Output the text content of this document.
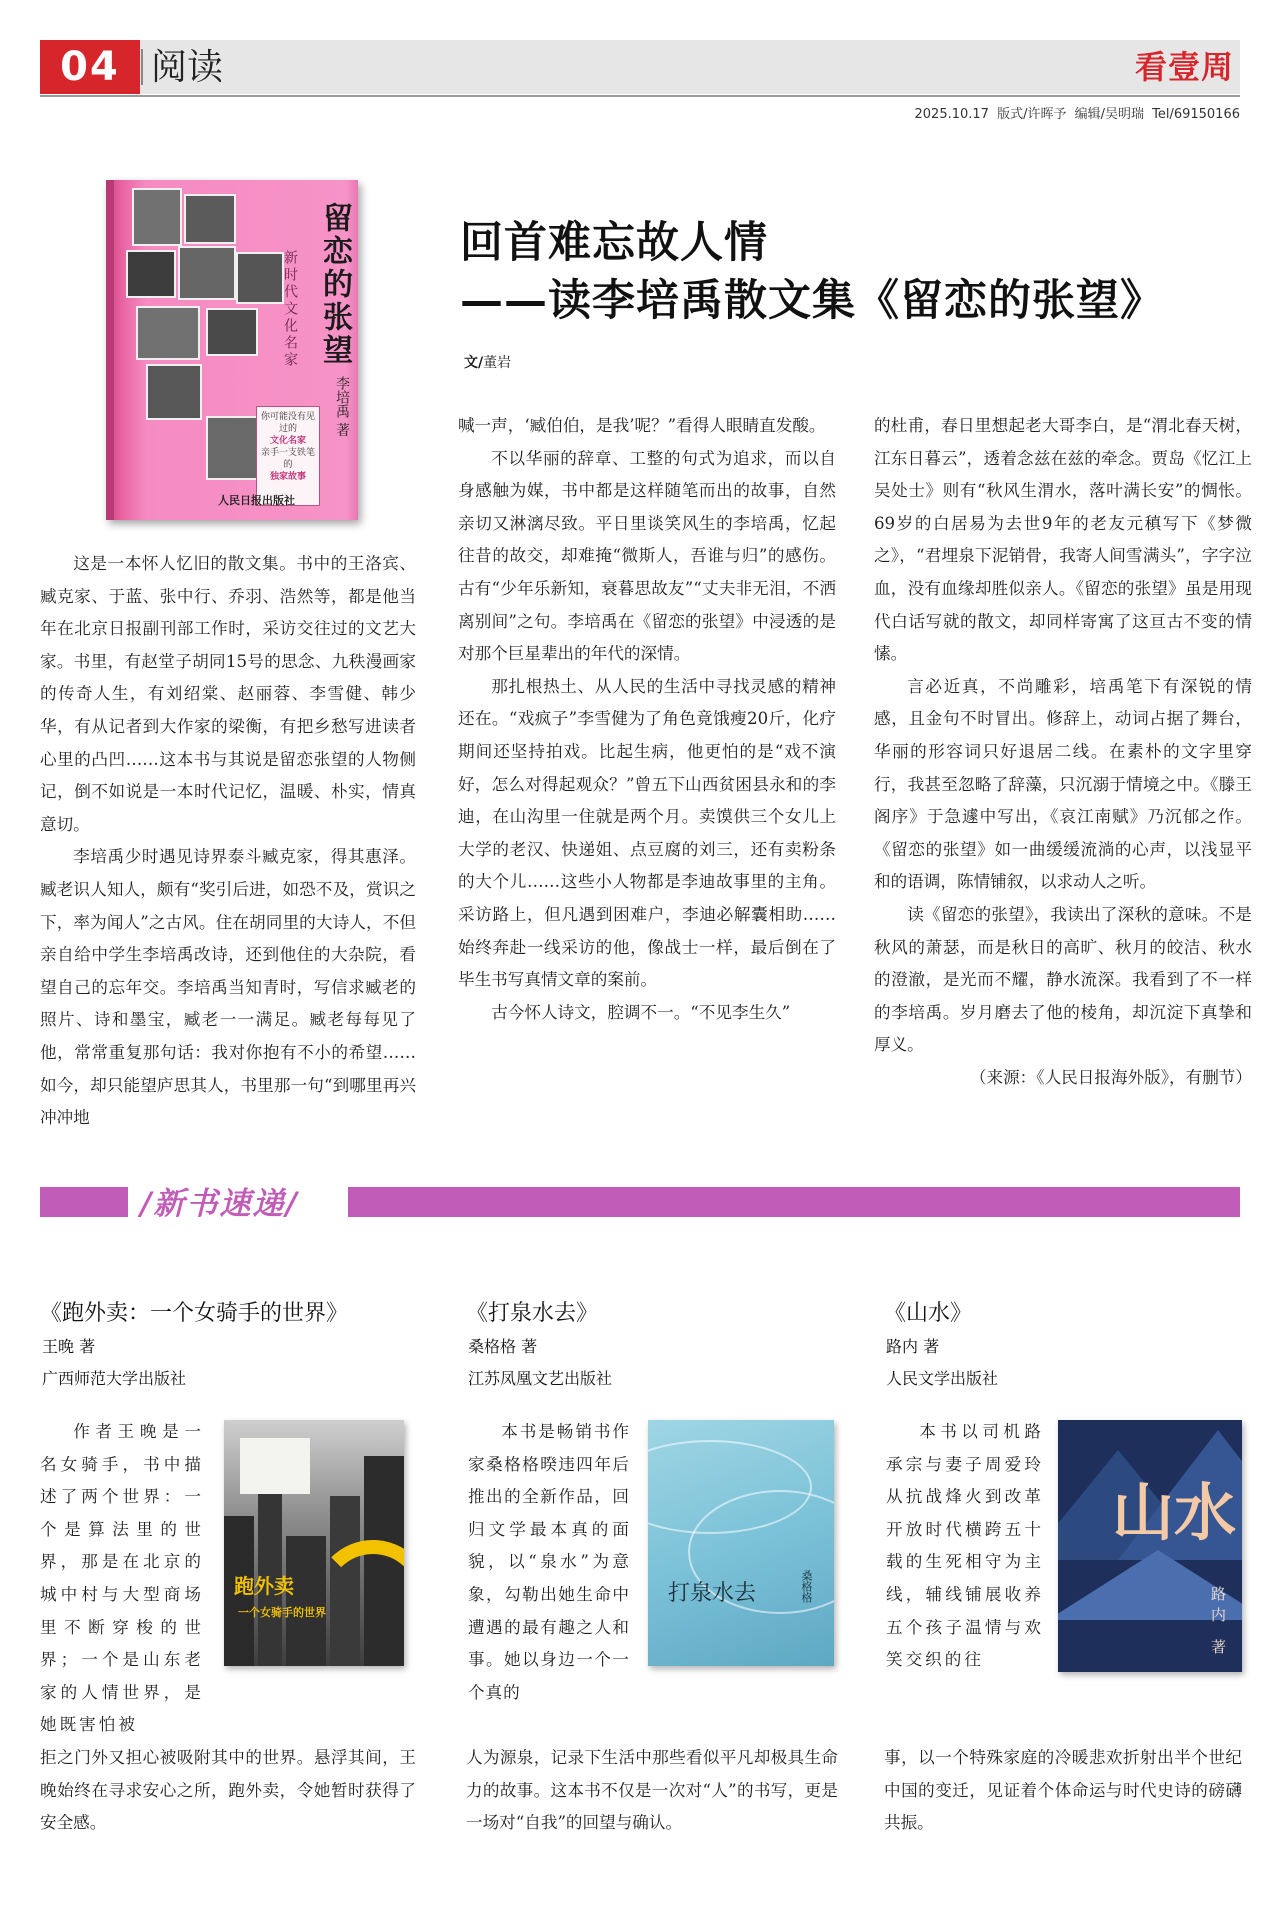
04 阅读	看壹周
2025.10.17 版式/许晖予 编辑/吴明瑞 Tel/69150166
留恋的张望
新时代文化名家
李培禹 著
你可能没有见过的
文化名家
亲手一支铁笔的
独家故事
人民日报出版社
回首难忘故人情
——读李培禹散文集《留恋的张望》
文/董岩

这是一本怀人忆旧的散文集。书中的王洛宾、臧克家、于蓝、张中行、乔羽、浩然等，都是他当年在北京日报副刊部工作时，采访交往过的文艺大家。书里，有赵堂子胡同15号的思念、九秩漫画家的传奇人生，有刘绍棠、赵丽蓉、李雪健、韩少华，有从记者到大作家的梁衡，有把乡愁写进读者心里的凸凹……这本书与其说是留恋张望的人物侧记，倒不如说是一本时代记忆，温暖、朴实，情真意切。

李培禹少时遇见诗界泰斗臧克家，得其惠泽。臧老识人知人，颇有“奖引后进，如恐不及，赏识之下，率为闻人”之古风。住在胡同里的大诗人，不但亲自给中学生李培禹改诗，还到他住的大杂院，看望自己的忘年交。李培禹当知青时，写信求臧老的照片、诗和墨宝，臧老一一满足。臧老每每见了他，常常重复那句话：我对你抱有不小的希望……如今，却只能望庐思其人，书里那一句“到哪里再兴冲冲地

喊一声，‘臧伯伯，是我’呢？”看得人眼睛直发酸。

不以华丽的辞章、工整的句式为追求，而以自身感触为媒，书中都是这样随笔而出的故事，自然亲切又淋漓尽致。平日里谈笑风生的李培禹，忆起往昔的故交，却难掩“微斯人，吾谁与归”的感伤。古有“少年乐新知，衰暮思故友”“丈夫非无泪，不洒离别间”之句。李培禹在《留恋的张望》中浸透的是对那个巨星辈出的年代的深情。

那扎根热土、从人民的生活中寻找灵感的精神还在。“戏疯子”李雪健为了角色竟饿瘦20斤，化疗期间还坚持拍戏。比起生病，他更怕的是“戏不演好，怎么对得起观众？”曾五下山西贫困县永和的李迪，在山沟里一住就是两个月。卖馍供三个女儿上大学的老汉、快递姐、点豆腐的刘三，还有卖粉条的大个儿……这些小人物都是李迪故事里的主角。采访路上，但凡遇到困难户，李迪必解囊相助……始终奔赴一线采访的他，像战士一样，最后倒在了毕生书写真情文章的案前。

古今怀人诗文，腔调不一。“不见李生久”

的杜甫，春日里想起老大哥李白，是“渭北春天树，江东日暮云”，透着念兹在兹的牵念。贾岛《忆江上吴处士》则有“秋风生渭水，落叶满长安”的惆怅。69岁的白居易为去世9年的老友元稹写下《梦微之》，“君埋泉下泥销骨，我寄人间雪满头”，字字泣血，没有血缘却胜似亲人。《留恋的张望》虽是用现代白话写就的散文，却同样寄寓了这亘古不变的情愫。

言必近真，不尚雕彩，培禹笔下有深锐的情感，且金句不时冒出。修辞上，动词占据了舞台，华丽的形容词只好退居二线。在素朴的文字里穿行，我甚至忽略了辞藻，只沉溺于情境之中。《滕王阁序》于急遽中写出，《哀江南赋》乃沉郁之作。《留恋的张望》如一曲缓缓流淌的心声，以浅显平和的语调，陈情铺叙，以求动人之听。

读《留恋的张望》，我读出了深秋的意味。不是秋风的萧瑟，而是秋日的高旷、秋月的皎洁、秋水的澄澈，是光而不耀，静水流深。我看到了不一样的李培禹。岁月磨去了他的棱角，却沉淀下真挚和厚义。

（来源：《人民日报海外版》，有删节）

/新书速递/
《跑外卖：一个女骑手的世界》
王晚 著
广西师范大学出版社
作者王晚是一名女骑手，书中描述了两个世界：一个是算法里的世界，那是在北京的城中村与大型商场里不断穿梭的世界；一个是山东老家的人情世界，是她既害怕被
跑外卖
一个女骑手的世界
拒之门外又担心被吸附其中的世界。悬浮其间，王晚始终在寻求安心之所，跑外卖，令她暂时获得了安全感。
《打泉水去》
桑格格 著
江苏凤凰文艺出版社
本书是畅销书作家桑格格暌违四年后推出的全新作品，回归文学最本真的面貌，以“泉水”为意象，勾勒出她生命中遭遇的最有趣之人和事。她以身边一个一个真的
打泉水去	桑格格
人为源泉，记录下生活中那些看似平凡却极具生命力的故事。这本书不仅是一次对“人”的书写，更是一场对“自我”的回望与确认。
《山水》
路内 著
人民文学出版社
本书以司机路承宗与妻子周爱玲从抗战烽火到改革开放时代横跨五十载的生死相守为主线，辅线铺展收养五个孩子温情与欢笑交织的往
山水
路内 著
事，以一个特殊家庭的冷暖悲欢折射出半个世纪中国的变迁，见证着个体命运与时代史诗的磅礴共振。
